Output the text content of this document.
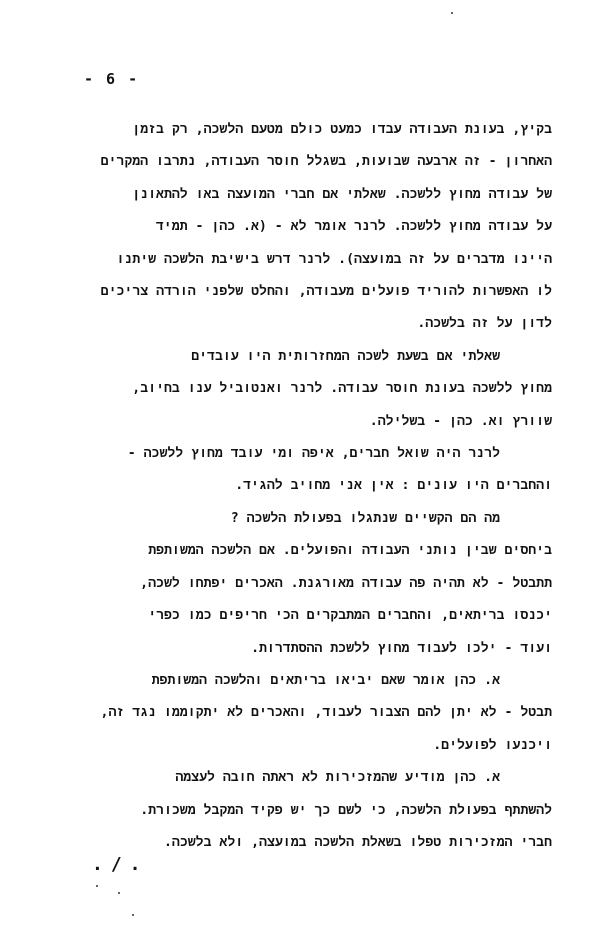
- 6 -
בקיץ, בעונת העבודה עבדו כמעט כולם מטעם הלשכה, רק בזמן
האחרון - זה ארבעה שבועות, בשגלל חוסר העבודה, נתרבו המקרים
של עבודה מחוץ ללשכה. שאלתי אם חברי המועצה באו להתאונן
על עבודה מחוץ ללשכה. לרנר אומר לא - (א. כהן - תמיד
היינו מדברים על זה במועצה). לרנר דרש בישיבת הלשכה שיתנו
לו האפשרות להוריד פועלים מעבודה, והחלט שלפני הורדה צריכים
לדון על זה בלשכה.
שאלתי אם בשעת לשכה המחזרותית היו עובדים
מחוץ ללשכה בעונת חוסר עבודה. לרנר ואנטוביל ענו בחיוב,
שוורץ וא. כהן - בשלילה.
לרנר היה שואל חברים, איפה ומי עובד מחוץ ללשכה -
והחברים היו עונים : אין אני מחויב להגיד.
מה הם הקשיים שנתגלו בפעולת הלשכה ?
ביחסים שבין נותני העבודה והפועלים. אם הלשכה המשותפת
תתבטל - לא תהיה פה עבודה מאורגנת. האכרים יפתחו לשכה,
יכנסו בריתאים, והחברים המתבקרים הכי חריפים כמו כפרי
ועוד - ילכו לעבוד מחוץ ללשכת ההסתדרות.
א. כהן אומר שאם יביאו בריתאים והלשכה המשותפת
תבטל - לא יתן להם הצבור לעבוד, והאכרים לא יתקוממו נגד זה,
ויכנעו לפועלים.
א. כהן מודיע שהמזכירות לא ראתה חובה לעצמה
להשתתף בפעולת הלשכה, כי לשם כך יש פקיד המקבל משכורת.
חברי המזכירות טפלו בשאלת הלשכה במועצה, ולא בלשכה.
./.
